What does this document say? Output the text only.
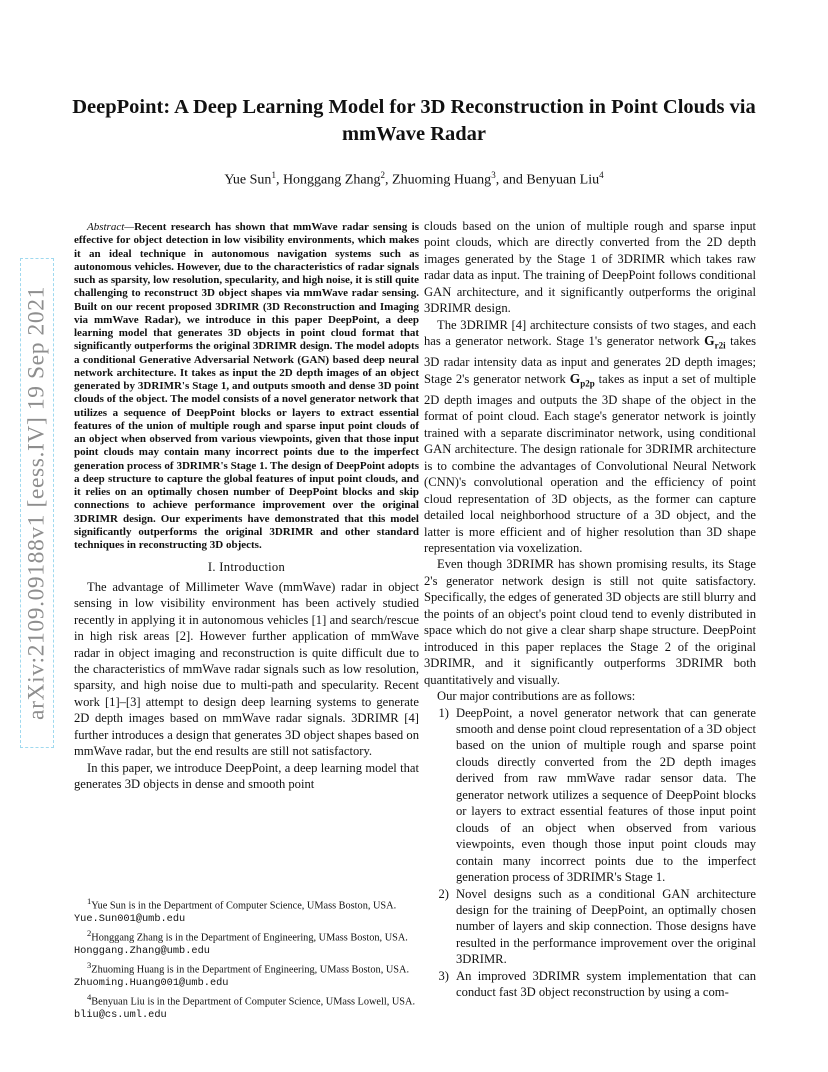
arXiv:2109.09188v1 [eess.IV] 19 Sep 2021
DeepPoint: A Deep Learning Model for 3D Reconstruction in Point Clouds via mmWave Radar
Yue Sun$^1$, Honggang Zhang$^2$, Zhuoming Huang$^3$, and Benyuan Liu$^4$

Abstract—Recent research has shown that mmWave radar sensing is effective for object detection in low visibility environments, which makes it an ideal technique in autonomous navigation systems such as autonomous vehicles. However, due to the characteristics of radar signals such as sparsity, low resolution, specularity, and high noise, it is still quite challenging to reconstruct 3D object shapes via mmWave radar sensing. Built on our recent proposed 3DRIMR (3D Reconstruction and Imaging via mmWave Radar), we introduce in this paper DeepPoint, a deep learning model that generates 3D objects in point cloud format that significantly outperforms the original 3DRIMR design. The model adopts a conditional Generative Adversarial Network (GAN) based deep neural network architecture. It takes as input the 2D depth images of an object generated by 3DRIMR's Stage 1, and outputs smooth and dense 3D point clouds of the object. The model consists of a novel generator network that utilizes a sequence of DeepPoint blocks or layers to extract essential features of the union of multiple rough and sparse input point clouds of an object when observed from various viewpoints, given that those input point clouds may contain many incorrect points due to the imperfect generation process of 3DRIMR's Stage 1. The design of DeepPoint adopts a deep structure to capture the global features of input point clouds, and it relies on an optimally chosen number of DeepPoint blocks and skip connections to achieve performance improvement over the original 3DRIMR design. Our experiments have demonstrated that this model significantly outperforms the original 3DRIMR and other standard techniques in reconstructing 3D objects.

I. Introduction

The advantage of Millimeter Wave (mmWave) radar in object sensing in low visibility environment has been actively studied recently in applying it in autonomous vehicles [1] and search/rescue in high risk areas [2]. However further application of mmWave radar in object imaging and reconstruction is quite difficult due to the characteristics of mmWave radar signals such as low resolution, sparsity, and high noise due to multi-path and specularity. Recent work [1]–[3] attempt to design deep learning systems to generate 2D depth images based on mmWave radar signals. 3DRIMR [4] further introduces a design that generates 3D object shapes based on mmWave radar, but the end results are still not satisfactory.

In this paper, we introduce DeepPoint, a deep learning model that generates 3D objects in dense and smooth point

$^1$Yue Sun is in the Department of Computer Science, UMass Boston, USA. Yue.Sun001@umb.edu

$^2$Honggang Zhang is in the Department of Engineering, UMass Boston, USA. Honggang.Zhang@umb.edu

$^3$Zhuoming Huang is in the Department of Engineering, UMass Boston, USA. Zhuoming.Huang001@umb.edu

$^4$Benyuan Liu is in the Department of Computer Science, UMass Lowell, USA. bliu@cs.uml.edu

clouds based on the union of multiple rough and sparse input point clouds, which are directly converted from the 2D depth images generated by the Stage 1 of 3DRIMR which takes raw radar data as input. The training of DeepPoint follows conditional GAN architecture, and it significantly outperforms the original 3DRIMR design.

The 3DRIMR [4] architecture consists of two stages, and each has a generator network. Stage 1's generator network $G_{r2i}$ takes 3D radar intensity data as input and generates 2D depth images; Stage 2's generator network $G_{p2p}$ takes as input a set of multiple 2D depth images and outputs the 3D shape of the object in the format of point cloud. Each stage's generator network is jointly trained with a separate discriminator network, using conditional GAN architecture. The design rationale for 3DRIMR architecture is to combine the advantages of Convolutional Neural Network (CNN)'s convolutional operation and the efficiency of point cloud representation of 3D objects, as the former can capture detailed local neighborhood structure of a 3D object, and the latter is more efficient and of higher resolution than 3D shape representation via voxelization.

Even though 3DRIMR has shown promising results, its Stage 2's generator network design is still not quite satisfactory. Specifically, the edges of generated 3D objects are still blurry and the points of an object's point cloud tend to evenly distributed in space which do not give a clear sharp shape structure. DeepPoint introduced in this paper replaces the Stage 2 of the original 3DRIMR, and it significantly outperforms 3DRIMR both quantitatively and visually.

Our major contributions are as follows:

1) DeepPoint, a novel generator network that can generate smooth and dense point cloud representation of a 3D object based on the union of multiple rough and sparse point clouds directly converted from the 2D depth images derived from raw mmWave radar sensor data. The generator network utilizes a sequence of DeepPoint blocks or layers to extract essential features of those input point clouds of an object when observed from various viewpoints, even though those input point clouds may contain many incorrect points due to the imperfect generation process of 3DRIMR's Stage 1.
2) Novel designs such as a conditional GAN architecture design for the training of DeepPoint, an optimally chosen number of layers and skip connection. Those designs have resulted in the performance improvement over the original 3DRIMR.
3) An improved 3DRIMR system implementation that can conduct fast 3D object reconstruction by using a com-
